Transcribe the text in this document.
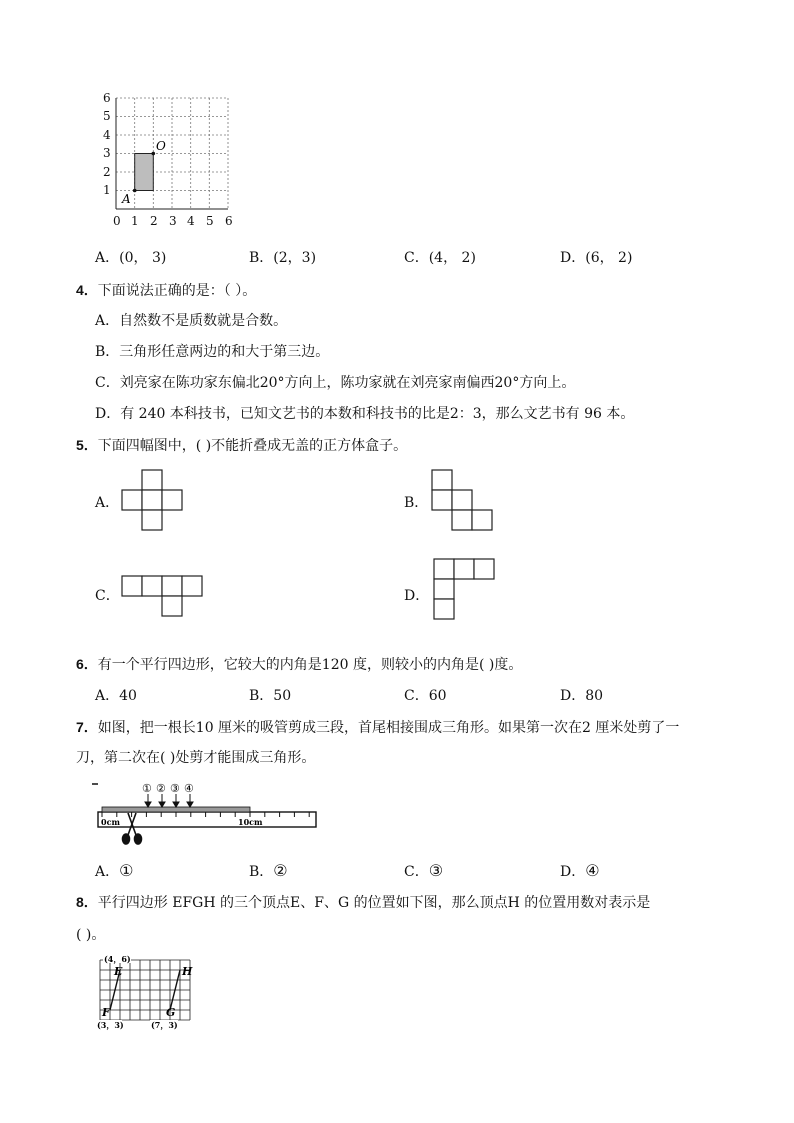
O
A
0 1 2 3 4 5 6
1
2
3
4
5
6
A．(0， 3)	B．(2，3)	C．(4， 2)	D．(6， 2)
4．下面说法正确的是：（ ）。
A．自然数不是质数就是合数。
B．三角形任意两边的和大于第三边。
C．刘亮家在陈功家东偏北20°方向上，陈功家就在刘亮家南偏西20°方向上。
D．有 240 本科技书，已知文艺书的本数和科技书的比是2：3，那么文艺书有 96 本。
5．下面四幅图中，( )不能折叠成无盖的正方体盒子。
A．	B．
C．	D．
6．有一个平行四边形，它较大的内角是120 度，则较小的内角是( )度。
A．40	B．50	C．60	D．80
7．如图，把一根长10 厘米的吸管剪成三段，首尾相接围成三角形。如果第一次在2 厘米处剪了一
刀，第二次在( )处剪才能围成三角形。
0cm	10cm
① ② ③ ④
A．①	B．②	C．③	D．④
8．平行四边形 EFGH 的三个顶点E、F、G 的位置如下图，那么顶点H 的位置用数对表示是
( )。
(4，6)
E	H
F	G
(3，3)	(7，3)
